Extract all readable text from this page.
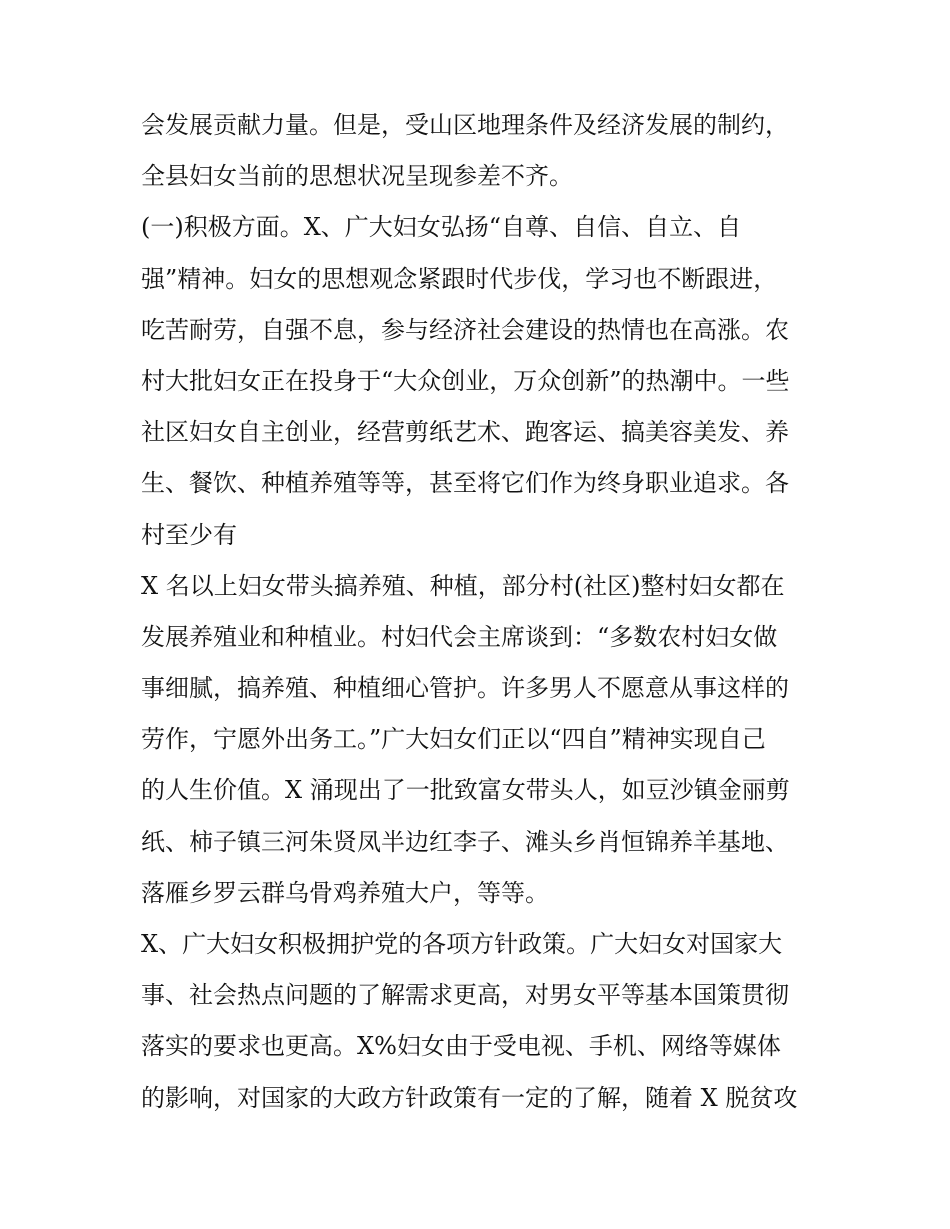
会发展贡献力量。但是，受山区地理条件及经济发展的制约，
全县妇女当前的思想状况呈现参差不齐。
(一)积极方面。X、广大妇女弘扬“自尊、自信、自立、自
强”精神。妇女的思想观念紧跟时代步伐，学习也不断跟进，
吃苦耐劳，自强不息，参与经济社会建设的热情也在高涨。农
村大批妇女正在投身于“大众创业，万众创新”的热潮中。一些
社区妇女自主创业，经营剪纸艺术、跑客运、搞美容美发、养
生、餐饮、种植养殖等等，甚至将它们作为终身职业追求。各
村至少有
X 名以上妇女带头搞养殖、种植，部分村(社区)整村妇女都在
发展养殖业和种植业。村妇代会主席谈到：“多数农村妇女做
事细腻，搞养殖、种植细心管护。许多男人不愿意从事这样的
劳作，宁愿外出务工。”广大妇女们正以“四自”精神实现自己
的人生价值。X 涌现出了一批致富女带头人，如豆沙镇金丽剪
纸、柿子镇三河朱贤凤半边红李子、滩头乡肖恒锦养羊基地、
落雁乡罗云群乌骨鸡养殖大户，等等。
X、广大妇女积极拥护党的各项方针政策。广大妇女对国家大
事、社会热点问题的了解需求更高，对男女平等基本国策贯彻
落实的要求也更高。X%妇女由于受电视、手机、网络等媒体
的影响，对国家的大政方针政策有一定的了解，随着 X 脱贫攻
